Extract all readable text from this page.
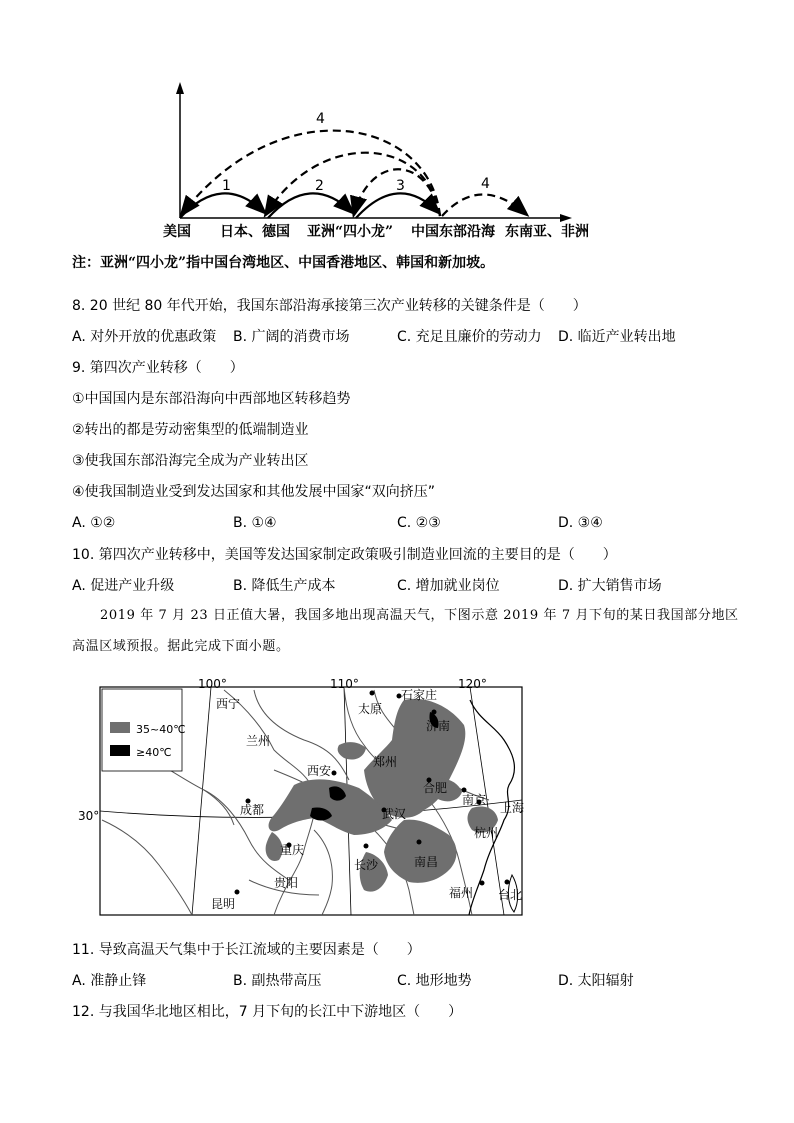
1	2	3
4
4
美国 日本、德国 亚洲“四小龙” 中国东部沿海 东南亚、非洲
注：亚洲“四小龙”指中国台湾地区、中国香港地区、韩国和新加坡。
8. 20 世纪 80 年代开始，我国东部沿海承接第三次产业转移的关键条件是（　　）
A. 对外开放的优惠政策 B. 广阔的消费市场	C. 充足且廉价的劳动力 D. 临近产业转出地
9. 第四次产业转移（　　）
①中国国内是东部沿海向中西部地区转移趋势
②转出的都是劳动密集型的低端制造业
③使我国东部沿海完全成为产业转出区
④使我国制造业受到发达国家和其他发展中国家“双向挤压”
A. ①②	B. ①④	C. ②③	D. ③④
10. 第四次产业转移中，美国等发达国家制定政策吸引制造业回流的主要目的是（　　）
A. 促进产业升级	B. 降低生产成本	C. 增加就业岗位	D. 扩大销售市场
2019 年 7 月 23 日正值大暑，我国多地出现高温天气，下图示意 2019 年 7 月下旬的某日我国部分地区
高温区域预报。据此完成下面小题。
100°	110°	120°
30°
35~40℃
≥40℃
西宁
兰州
太原
石家庄
济南
西安
郑州
合肥
南京
上海
成都	武汉
杭州
重庆
长沙	南昌
贵阳
福州 台北
昆明
11. 导致高温天气集中于长江流域的主要因素是（　　）
A. 准静止锋	B. 副热带高压	C. 地形地势	D. 太阳辐射
12. 与我国华北地区相比，7 月下旬的长江中下游地区（　　）
